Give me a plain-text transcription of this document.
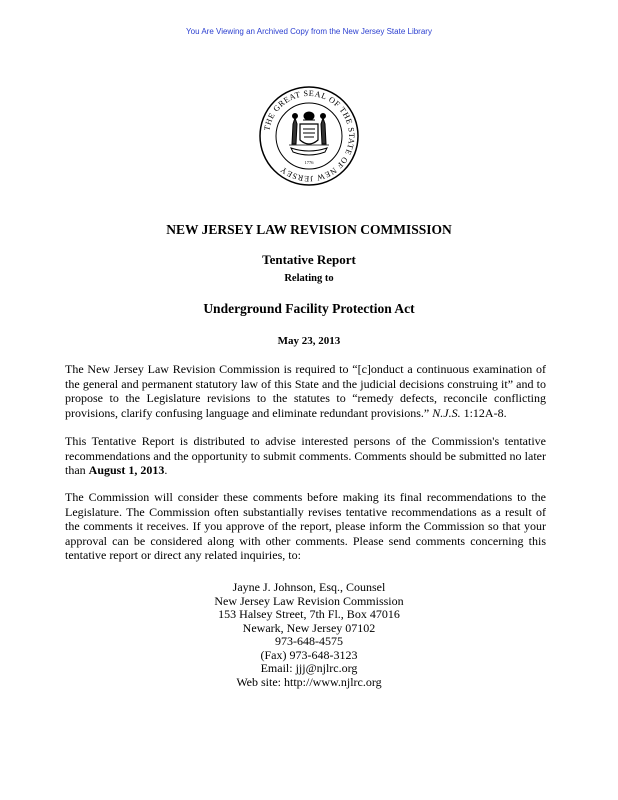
You Are Viewing an Archived Copy from the New Jersey State Library
THE GREAT SEAL OF THE STATE OF NEW JERSEY
1776
NEW JERSEY LAW REVISION COMMISSION
Tentative Report
Relating to
Underground Facility Protection Act
May 23, 2013

The New Jersey Law Revision Commission is required to “[c]onduct a continuous examination of the general and permanent statutory law of this State and the judicial decisions construing it” and to propose to the Legislature revisions to the statutes to “remedy defects, reconcile conflicting provisions, clarify confusing language and eliminate redundant provisions.” N.J.S. 1:12A-8.

This Tentative Report is distributed to advise interested persons of the Commission's tentative recommendations and the opportunity to submit comments. Comments should be submitted no later than August 1, 2013.

The Commission will consider these comments before making its final recommendations to the Legislature. The Commission often substantially revises tentative recommendations as a result of the comments it receives. If you approve of the report, please inform the Commission so that your approval can be considered along with other comments. Please send comments concerning this tentative report or direct any related inquiries, to:

Jayne J. Johnson, Esq., Counsel
New Jersey Law Revision Commission
153 Halsey Street, 7th Fl., Box 47016
Newark, New Jersey 07102
973-648-4575
(Fax) 973-648-3123
Email: jjj@njlrc.org
Web site: http://www.njlrc.org
